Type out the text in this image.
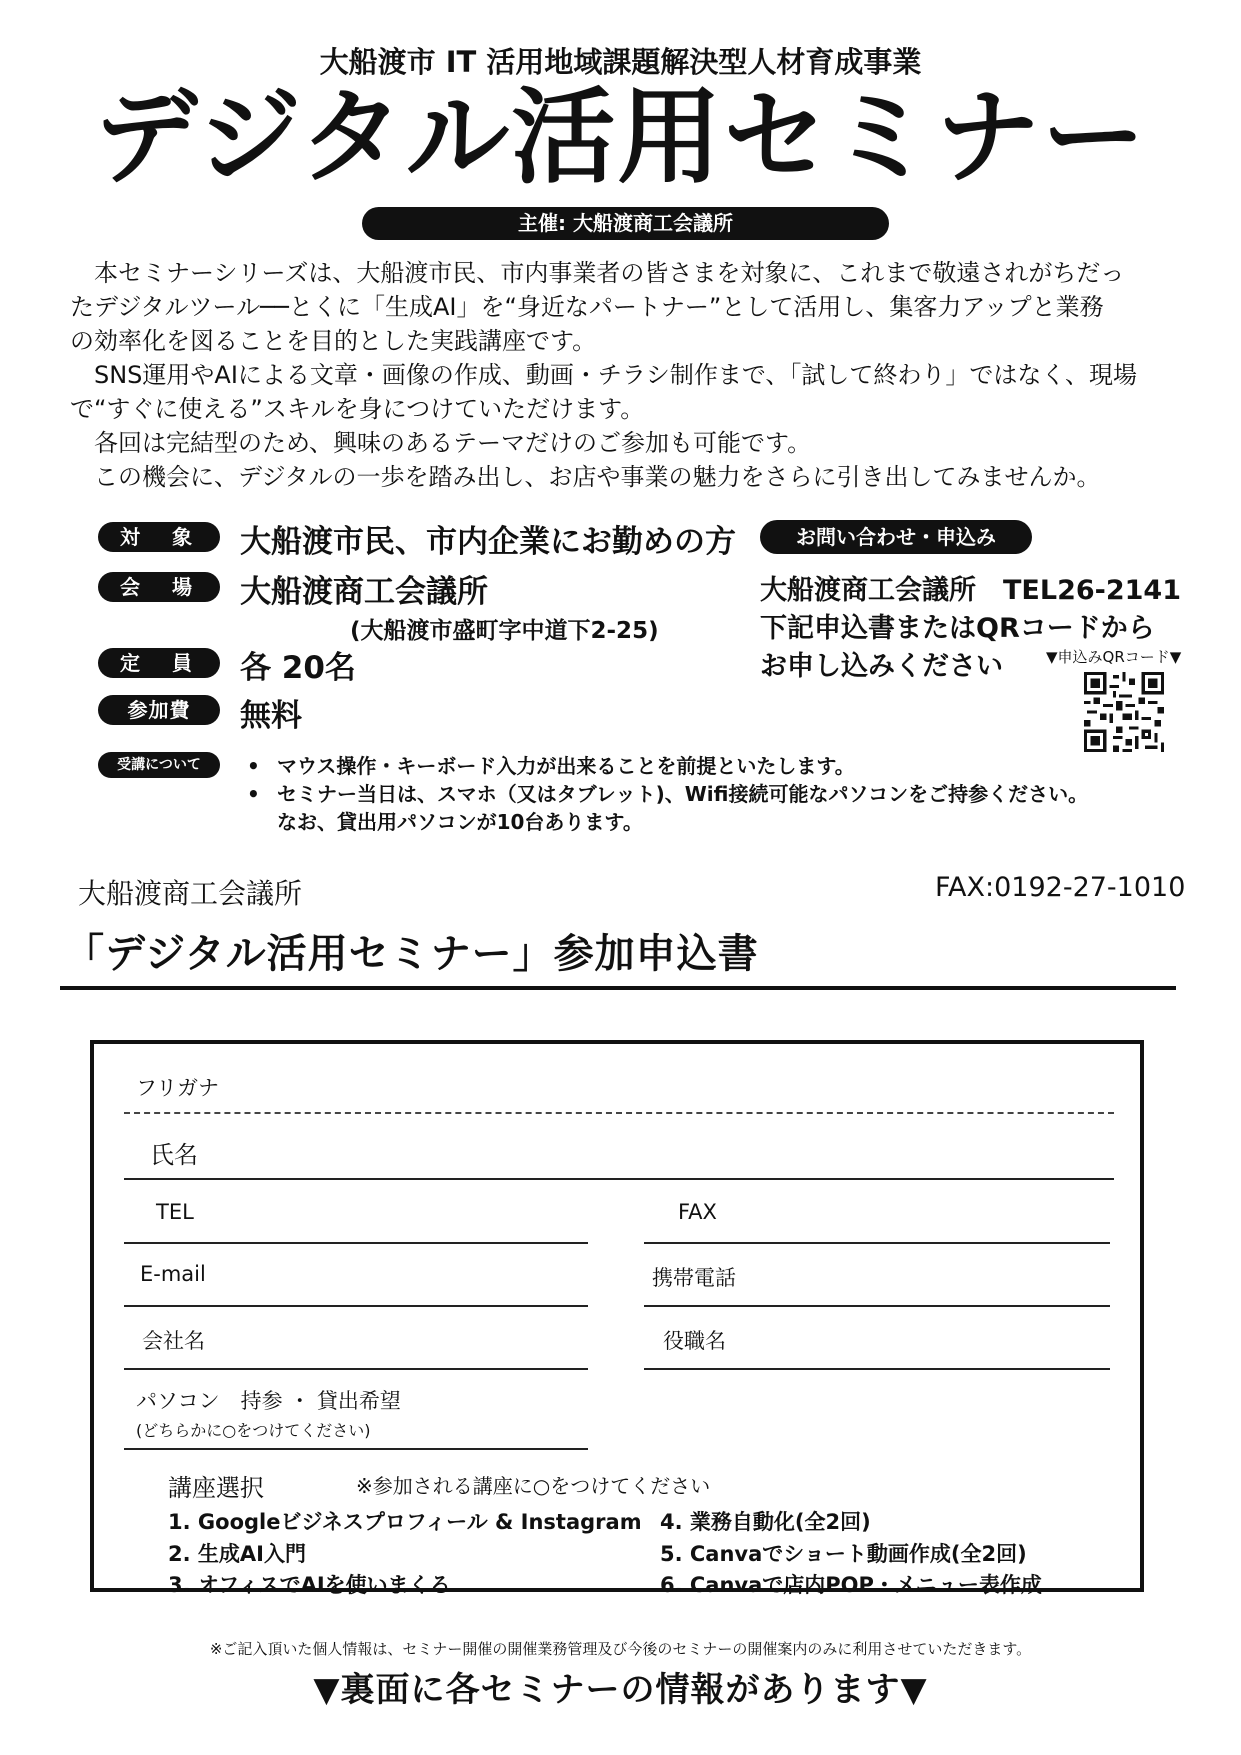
大船渡市 IT 活用地域課題解決型人材育成事業
デジタル活用セミナー
主催: 大船渡商工会議所

　本セミナーシリーズは、大船渡市民、市内事業者の皆さまを対象に、これまで敬遠されがちだっ

たデジタルツール──とくに「生成AI」を“身近なパートナー”として活用し、集客力アップと業務

の効率化を図ることを目的とした実践講座です。

　SNS運用やAIによる文章・画像の作成、動画・チラシ制作まで、「試して終わり」ではなく、現場

で“すぐに使える”スキルを身につけていただけます。

　各回は完結型のため、興味のあるテーマだけのご参加も可能です。

　この機会に、デジタルの一歩を踏み出し、お店や事業の魅力をさらに引き出してみませんか。

対　象	大船渡市民、市内企業にお勤めの方
会　場	大船渡商工会議所
(大船渡市盛町字中道下2-25)
定　員	各 20名
参加費	無料
受講について	• マウス操作・キーボード入力が出来ることを前提といたします。
• セミナー当日は、スマホ（又はタブレット)、Wifi接続可能なパソコンをご持参ください。
なお、貸出用パソコンが10台あります。
お問い合わせ・申込み
大船渡商工会議所　TEL26-2141
下記申込書またはQRコードから
お申し込みください	▼申込みQRコード▼
大船渡商工会議所	FAX:0192-27-1010
「デジタル活用セミナー」参加申込書
フリガナ
氏名
TEL	FAX
E-mail	携帯電話
会社名	役職名
パソコン　持参 ・ 貸出希望
(どちらかに○をつけてください)
講座選択	※参加される講座に○をつけてください
1. Googleビジネスプロフィール & Instagram
2. 生成AI入門
3. オフィスでAIを使いまくる
4. 業務自動化(全2回)
5. Canvaでショート動画作成(全2回)
6. Canvaで店内POP・メニュー表作成
※ご記入頂いた個人情報は、セミナー開催の開催業務管理及び今後のセミナーの開催案内のみに利用させていただきます。
▼裏面に各セミナーの情報があります▼
